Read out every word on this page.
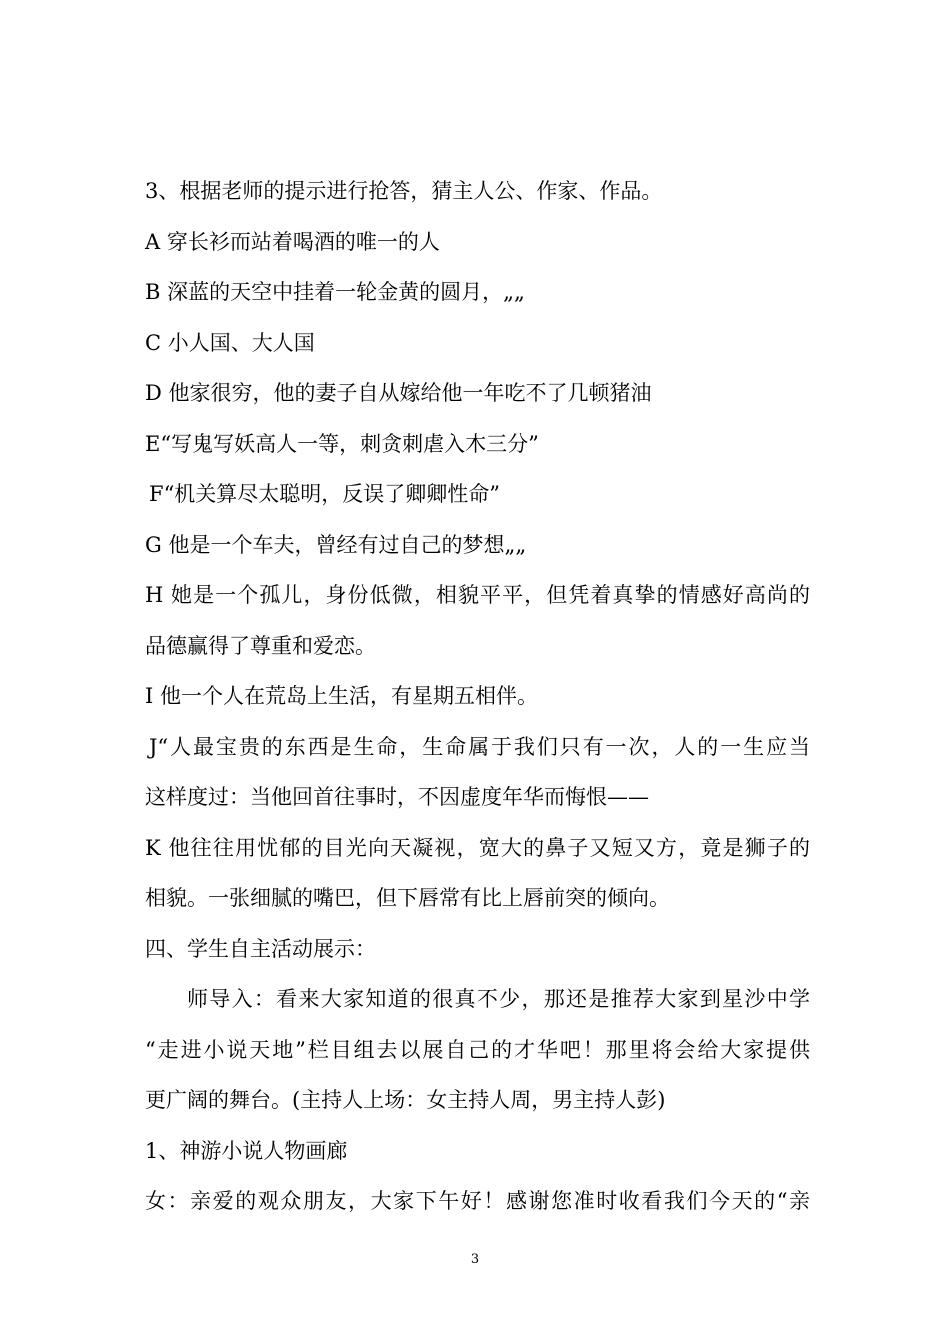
3、根据老师的提示进行抢答，猜主人公、作家、作品。
A 穿长衫而站着喝酒的唯一的人
B 深蓝的天空中挂着一轮金黄的圆月，„„
C 小人国、大人国
D 他家很穷，他的妻子自从嫁给他一年吃不了几顿猪油
E“写鬼写妖高人一等，刺贪刺虐入木三分”
F“机关算尽太聪明，反误了卿卿性命”
G 他是一个车夫，曾经有过自己的梦想„„
H 她是一个孤儿，身份低微，相貌平平，但凭着真挚的情感好高尚的
品德赢得了尊重和爱恋。
I 他一个人在荒岛上生活，有星期五相伴。
J“人最宝贵的东西是生命，生命属于我们只有一次，人的一生应当
这样度过：当他回首往事时，不因虚度年华而悔恨——
K 他往往用忧郁的目光向天凝视，宽大的鼻子又短又方，竟是狮子的
相貌。一张细腻的嘴巴，但下唇常有比上唇前突的倾向。
四、学生自主活动展示：
师导入：看来大家知道的很真不少，那还是推荐大家到星沙中学
“走进小说天地”栏目组去以展自己的才华吧！那里将会给大家提供
更广阔的舞台。(主持人上场：女主持人周，男主持人彭)
1、神游小说人物画廊
女：亲爱的观众朋友，大家下午好！感谢您准时收看我们今天的“亲
3
